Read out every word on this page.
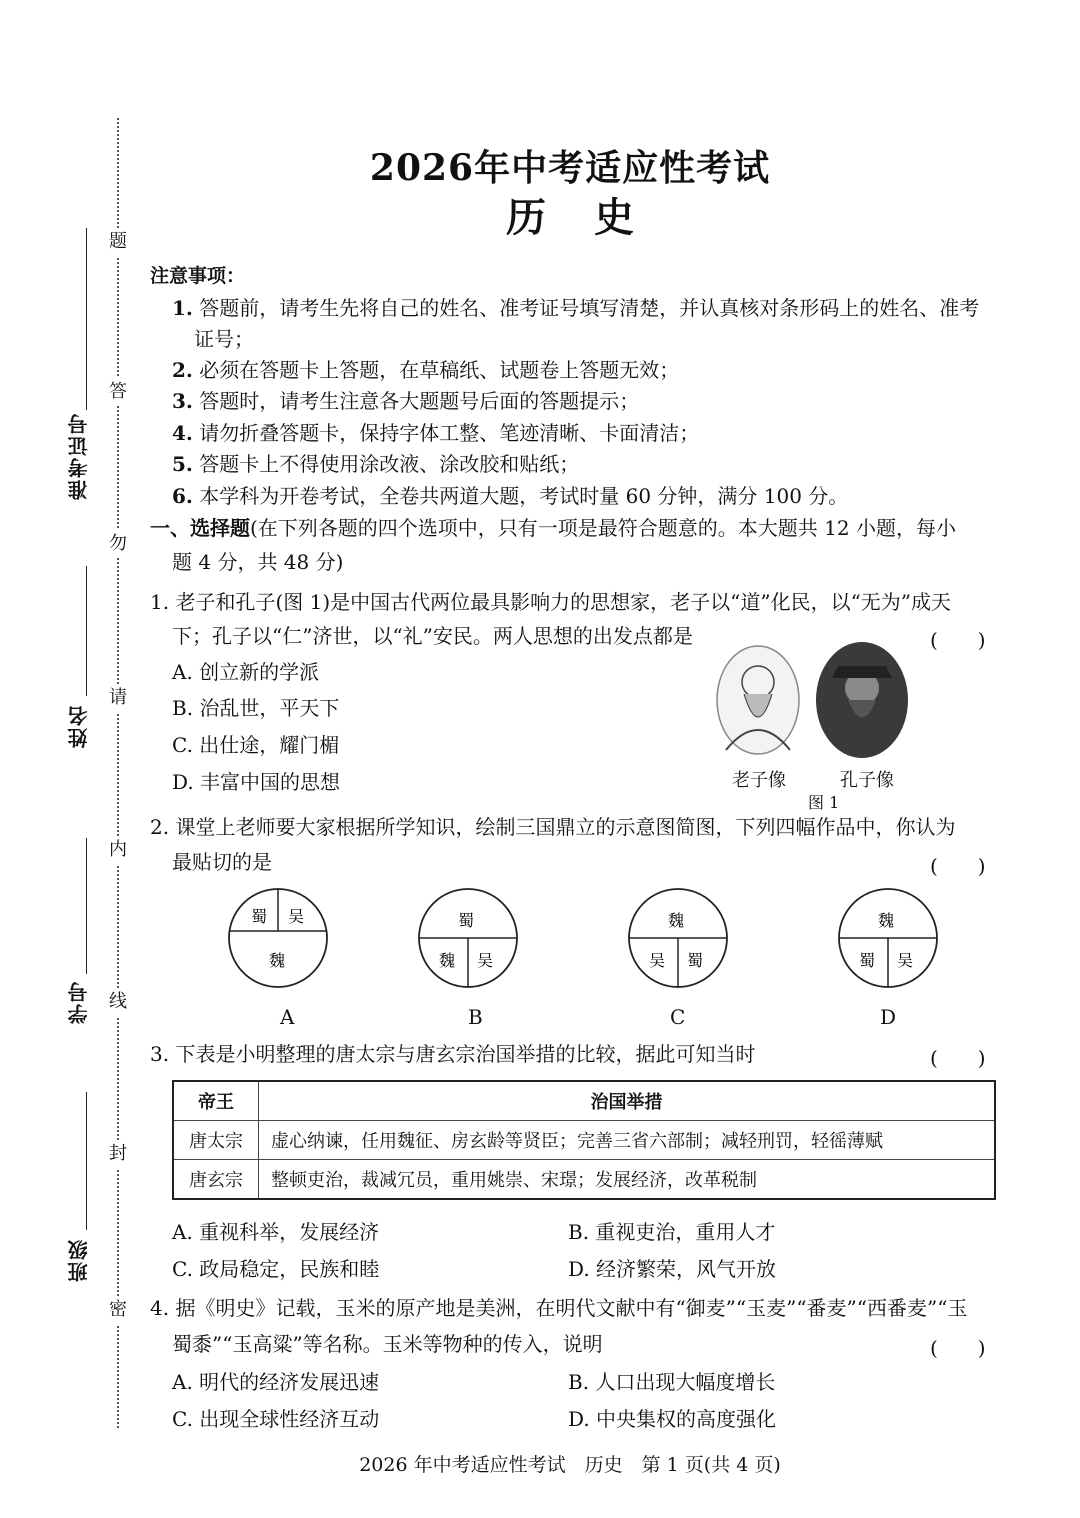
题
答
勿
请
内
线
封
密
准考证号
姓名
学号
班级
2026年中考适应性考试
历 史
注意事项：
1. 答题前，请考生先将自己的姓名、准考证号填写清楚，并认真核对条形码上的姓名、准考
证号；
2. 必须在答题卡上答题，在草稿纸、试题卷上答题无效；
3. 答题时，请考生注意各大题题号后面的答题提示；
4. 请勿折叠答题卡，保持字体工整、笔迹清晰、卡面清洁；
5. 答题卡上不得使用涂改液、涂改胶和贴纸；
6. 本学科为开卷考试，全卷共两道大题，考试时量 60 分钟，满分 100 分。
一、选择题(在下列各题的四个选项中，只有一项是最符合题意的。本大题共 12 小题，每小
题 4 分，共 48 分)
1. 老子和孔子(图 1)是中国古代两位最具影响力的思想家，老子以“道”化民，以“无为”成天
下；孔子以“仁”济世，以“礼”安民。两人思想的出发点都是	(　　)
A. 创立新的学派
B. 治乱世，平天下
C. 出仕途，耀门楣
D. 丰富中国的思想	老子像	孔子像
图 1
2. 课堂上老师要大家根据所学知识，绘制三国鼎立的示意图简图，下列四幅作品中，你认为
最贴切的是	(　　)
蜀 吴
魏
蜀
魏 吴
魏
吴 蜀
魏
蜀 吴
A	B	C	D
3. 下表是小明整理的唐太宗与唐玄宗治国举措的比较，据此可知当时	(　　)
帝王	治国举措
唐太宗	虚心纳谏，任用魏征、房玄龄等贤臣；完善三省六部制；减轻刑罚，轻徭薄赋
唐玄宗	整顿吏治，裁减冗员，重用姚崇、宋璟；发展经济，改革税制
A. 重视科举，发展经济	B. 重视吏治，重用人才
C. 政局稳定，民族和睦	D. 经济繁荣，风气开放
4. 据《明史》记载，玉米的原产地是美洲，在明代文献中有“御麦”“玉麦”“番麦”“西番麦”“玉
蜀黍”“玉高粱”等名称。玉米等物种的传入，说明	(　　)
A. 明代的经济发展迅速	B. 人口出现大幅度增长
C. 出现全球性经济互动	D. 中央集权的高度强化
2026 年中考适应性考试　历史　第 1 页(共 4 页)
